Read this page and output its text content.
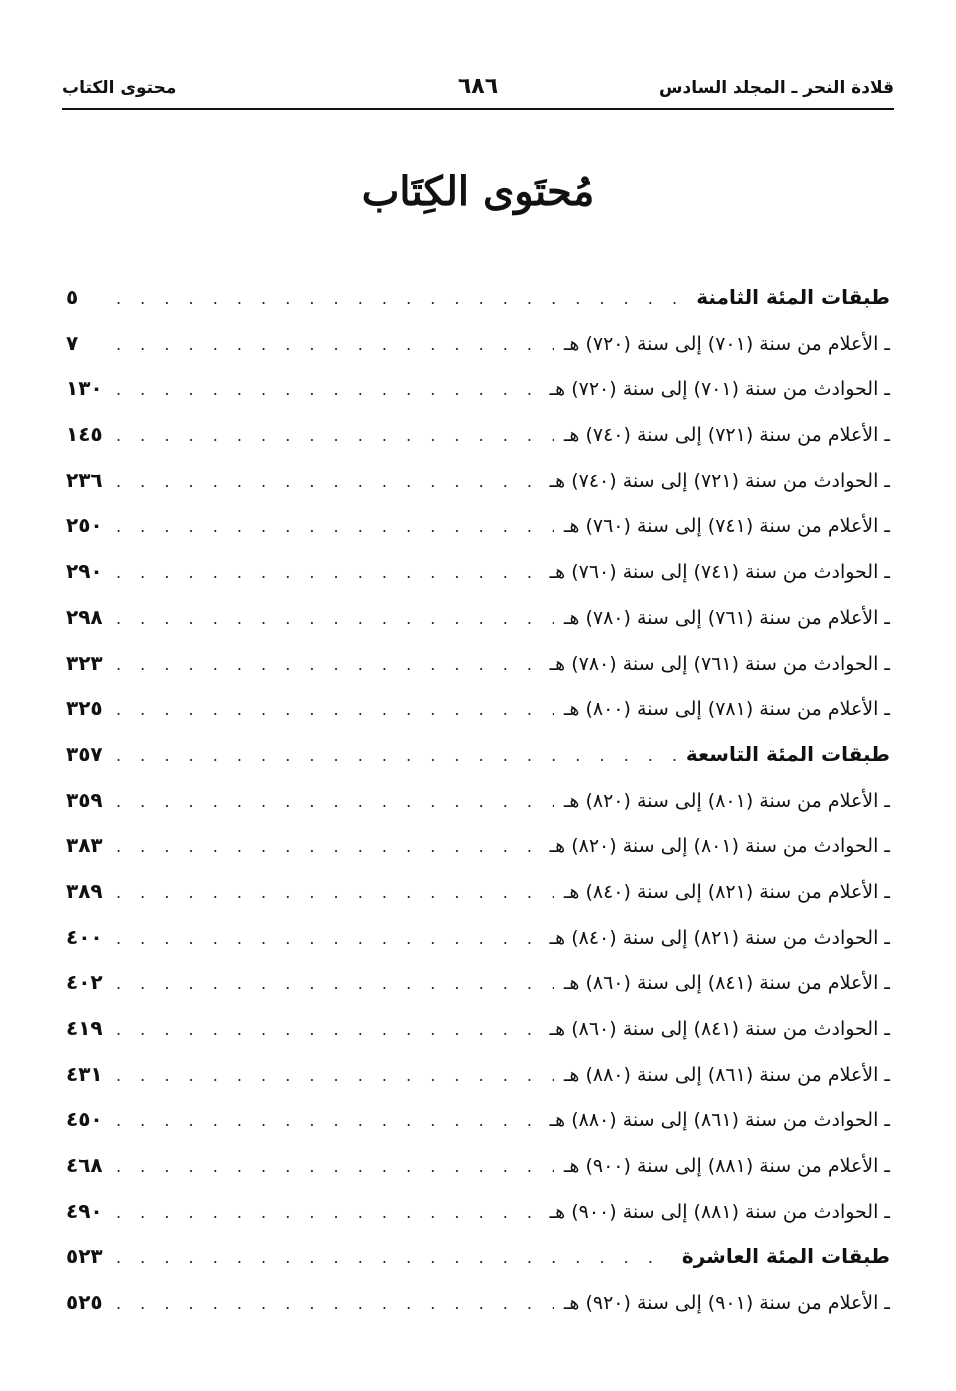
قلادة النحر ـ المجلد السادس
٦٨٦
محتوى الكتاب
مُحتَوى الكِتَاب
طبقات المئة الثامنة
. . .
٥
ـ الأعلام من سنة (٧٠١) إلى سنة (٧٢٠) هـ
. . .
٧
ـ الحوادث من سنة (٧٠١) إلى سنة (٧٢٠) هـ
. . .
١٣٠
ـ الأعلام من سنة (٧٢١) إلى سنة (٧٤٠) هـ
. . .
١٤٥
ـ الحوادث من سنة (٧٢١) إلى سنة (٧٤٠) هـ
. . .
٢٣٦
ـ الأعلام من سنة (٧٤١) إلى سنة (٧٦٠) هـ
. . .
٢٥٠
ـ الحوادث من سنة (٧٤١) إلى سنة (٧٦٠) هـ
. . .
٢٩٠
ـ الأعلام من سنة (٧٦١) إلى سنة (٧٨٠) هـ
. . .
٢٩٨
ـ الحوادث من سنة (٧٦١) إلى سنة (٧٨٠) هـ
. . .
٣٢٣
ـ الأعلام من سنة (٧٨١) إلى سنة (٨٠٠) هـ
. . .
٣٢٥
طبقات المئة التاسعة
. . .
٣٥٧
ـ الأعلام من سنة (٨٠١) إلى سنة (٨٢٠) هـ
. . .
٣٥٩
ـ الحوادث من سنة (٨٠١) إلى سنة (٨٢٠) هـ
. . .
٣٨٣
ـ الأعلام من سنة (٨٢١) إلى سنة (٨٤٠) هـ
. . .
٣٨٩
ـ الحوادث من سنة (٨٢١) إلى سنة (٨٤٠) هـ
. . .
٤٠٠
ـ الأعلام من سنة (٨٤١) إلى سنة (٨٦٠) هـ
. . .
٤٠٢
ـ الحوادث من سنة (٨٤١) إلى سنة (٨٦٠) هـ
. . .
٤١٩
ـ الأعلام من سنة (٨٦١) إلى سنة (٨٨٠) هـ
. . .
٤٣١
ـ الحوادث من سنة (٨٦١) إلى سنة (٨٨٠) هـ
. . .
٤٥٠
ـ الأعلام من سنة (٨٨١) إلى سنة (٩٠٠) هـ
. . .
٤٦٨
ـ الحوادث من سنة (٨٨١) إلى سنة (٩٠٠) هـ
. . .
٤٩٠
طبقات المئة العاشرة
. . .
٥٢٣
ـ الأعلام من سنة (٩٠١) إلى سنة (٩٢٠) هـ
. . .
٥٢٥
